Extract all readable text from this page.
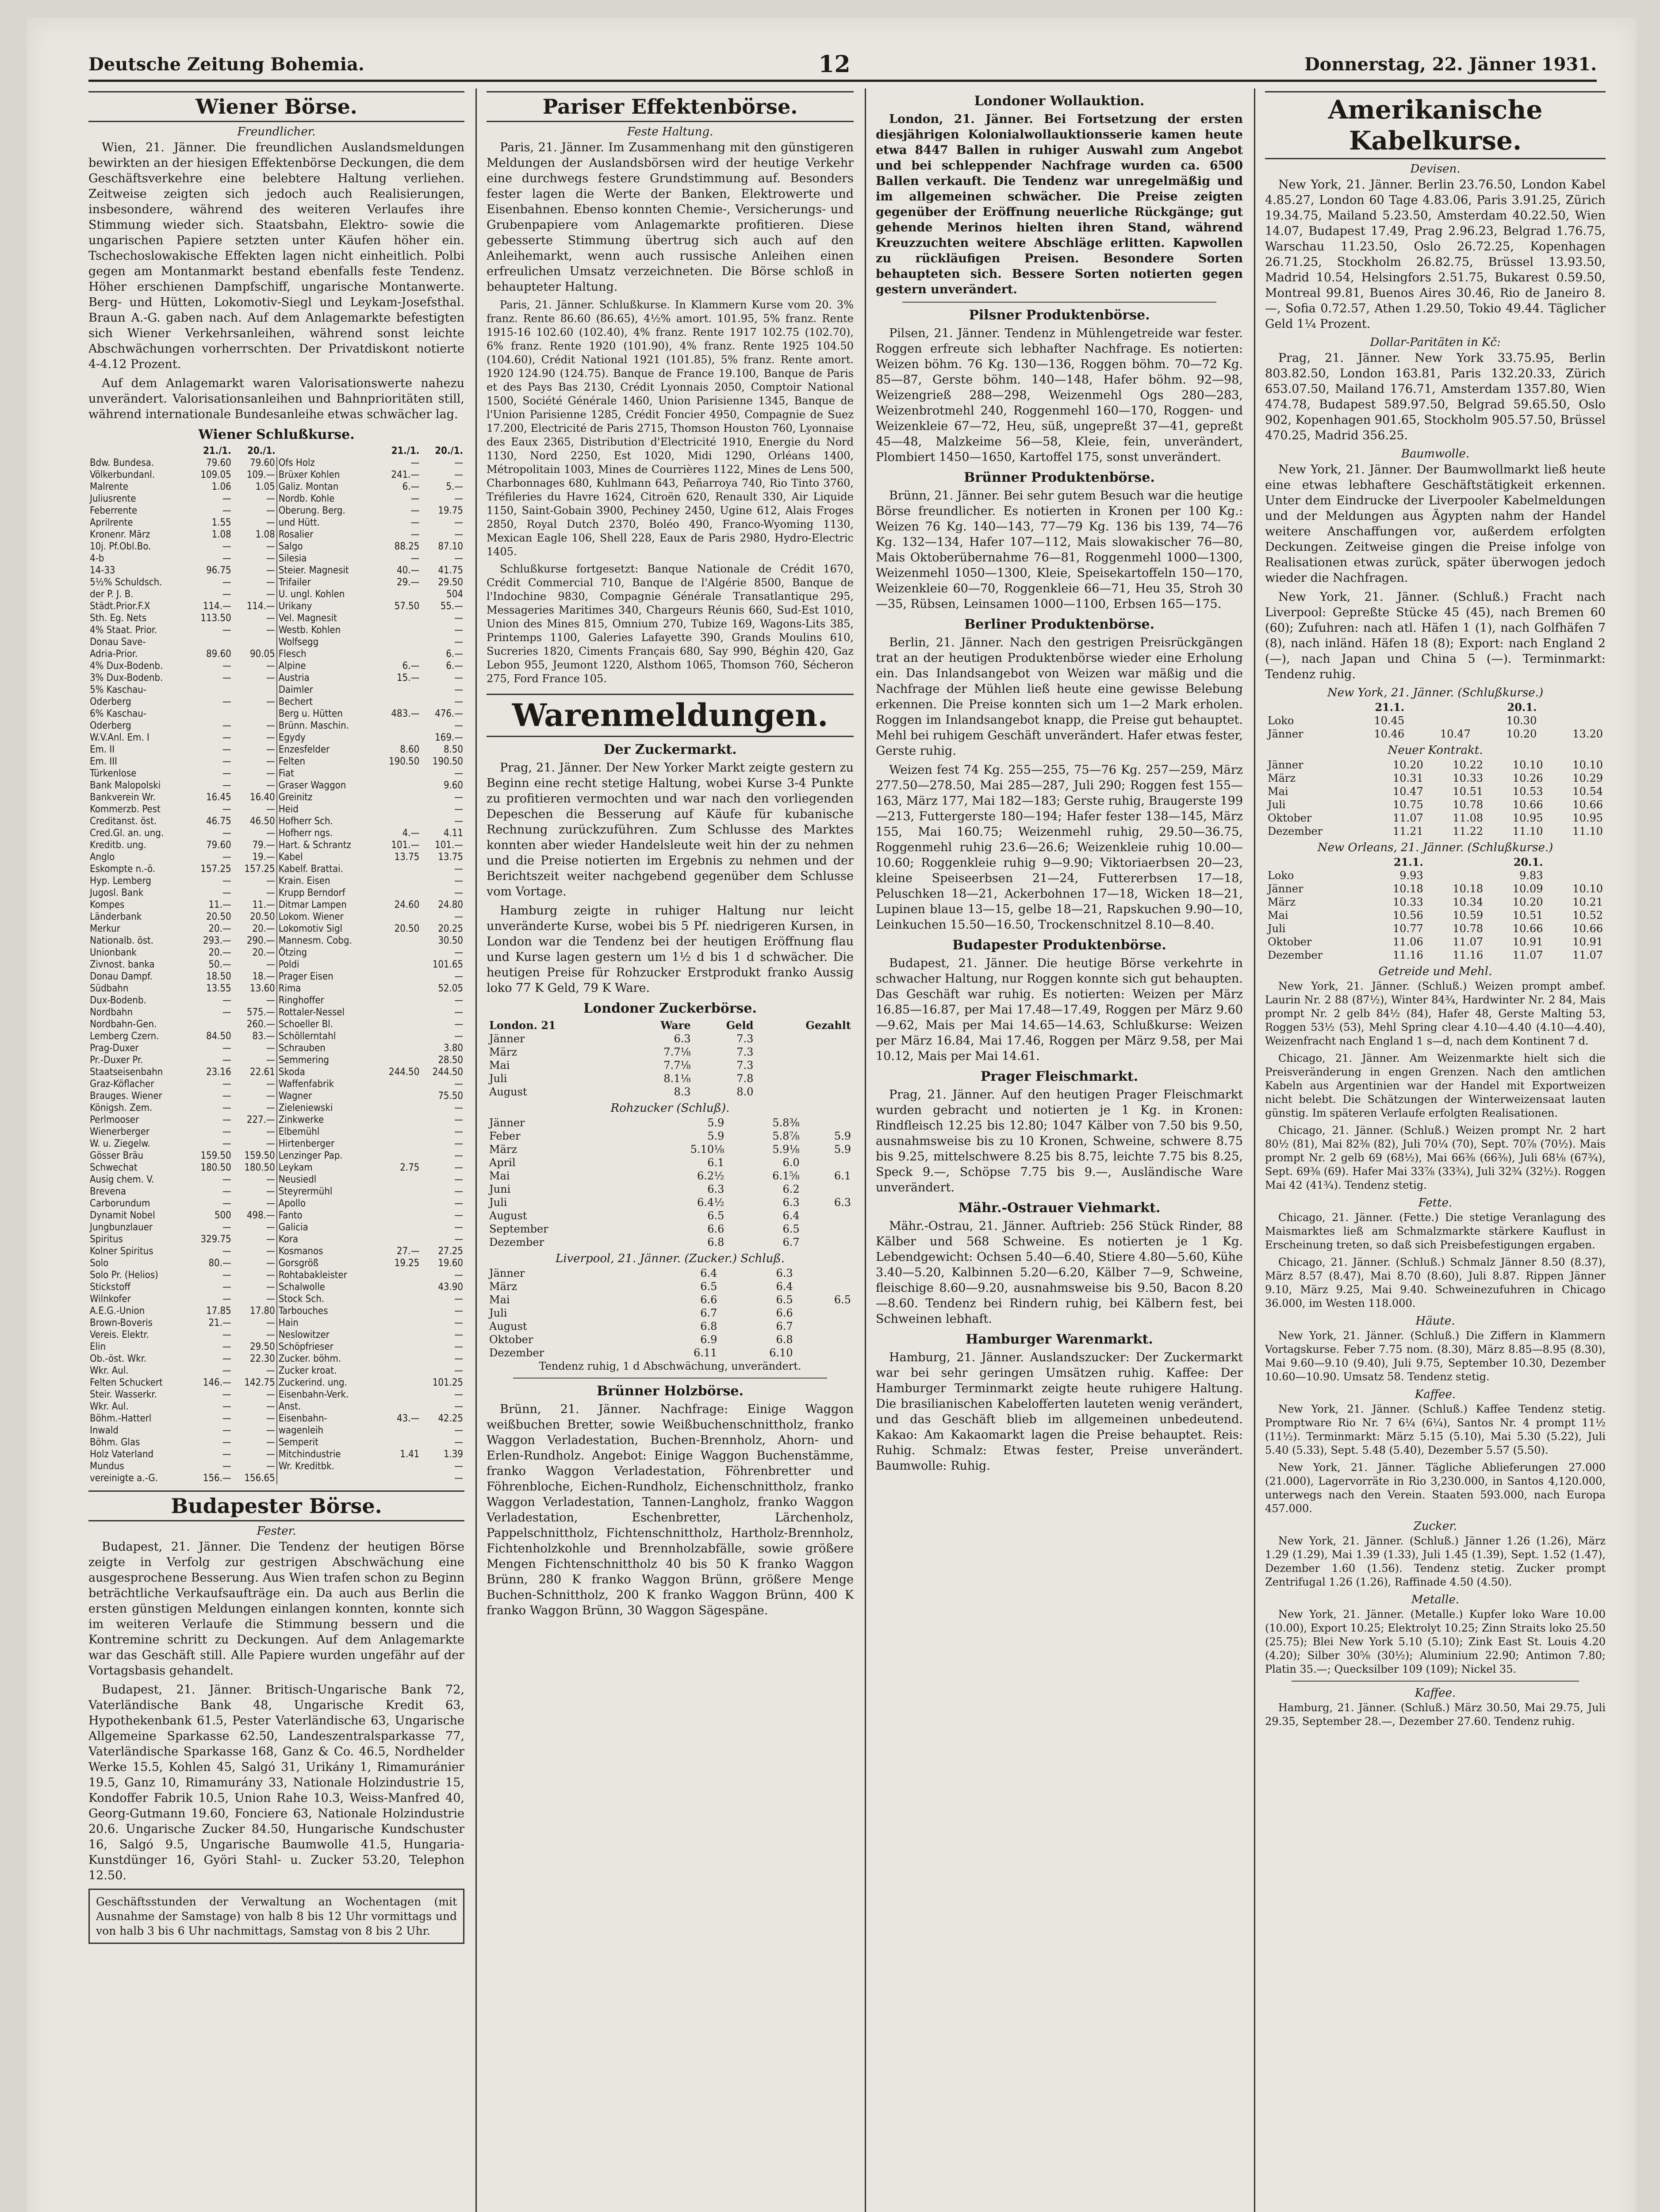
Deutsche Zeitung Bohemia.	12	Donnerstag, 22. Jänner 1931.
Wiener Börse.
Freundlicher.

Wien, 21. Jänner. Die freundlichen Auslandsmeldungen bewirkten an der hiesigen Effektenbörse Deckungen, die dem Geschäftsverkehre eine belebtere Haltung verliehen. Zeitweise zeigten sich jedoch auch Realisierungen, insbesondere, während des weiteren Verlaufes ihre Stimmung wieder sich. Staatsbahn, Elektro- sowie die ungarischen Papiere setzten unter Käufen höher ein. Tschechoslowakische Effekten lagen nicht einheitlich. Polbi gegen am Montanmarkt bestand ebenfalls feste Tendenz. Höher erschienen Dampfschiff, ungarische Montanwerte. Berg- und Hütten, Lokomotiv-Siegl und Leykam-Josefsthal. Braun A.-G. gaben nach. Auf dem Anlagemarkte befestigten sich Wiener Verkehrsanleihen, während sonst leichte Abschwächungen vorherrschten. Der Privatdiskont notierte 4-4.12 Prozent.

Auf dem Anlagemarkt waren Valorisationswerte nahezu unverändert. Valorisationsanleihen und Bahnprioritäten still, während internationale Bundesanleihe etwas schwächer lag.

Wiener Schlußkurse.
	21./1.	20./1.		21./1.	20./1.
Bdw. Bundesa.	79.60	79.60	Ofs Holz	—	—
Völkerbundanl.	109.05	109.—	Brüxer Kohlen	241.—	—
Malrente	1.06	1.05	Galiz. Montan	6.—	5.—
Juliusrente	—	—	Nordb. Kohle	—	—
Feberrente	—	—	Oberung. Berg.	—	19.75
Aprilrente	1.55	—	und Hütt.	—	—
Kronenr. März	1.08	1.08	Rosalier	—	—
10j. Pf.Obl.Bo.	—	—	Salgo	88.25	87.10
4-b	—	—	Silesia	—	—
14-33	96.75	—	Steier. Magnesit	40.—	41.75
5½% Schuldsch.	—	—	Trifailer	29.—	29.50
der P. J. B.	—	—	U. ungl. Kohlen		504
Städt.Prior.F.X	114.—	114.—	Urikany	57.50	55.—
Sth. Eg. Nets	113.50	—	Vel. Magnesit		—
4% Staat. Prior.	—	—	Westb. Kohlen		—
Donau Save-			Wolfsegg		—
Adria-Prior.	89.60	90.05	Flesch		6.—
4% Dux-Bodenb.	—	—	Alpine	6.—	6.—
3% Dux-Bodenb.	—	—	Austria	15.—	—
5% Kaschau-			Daimler		—
Oderberg	—	—	Bechert		—
6% Kaschau-			Berg u. Hütten	483.—	476.—
Oderberg	—	—	Brünn. Maschin.		—
W.V.Anl. Em. I	—	—	Egydy		169.—
Em. II	—	—	Enzesfelder	8.60	8.50
Em. III	—	—	Felten	190.50	190.50
Türkenlose	—	—	Fiat		—
Bank Malopolski	—	—	Graser Waggon		9.60
Bankverein Wr.	16.45	16.40	Greinitz		—
Kommerzb. Pest	—	—	Heid		—
Creditanst. öst.	46.75	46.50	Hofherr Sch.		—
Cred.Gl. an. ung.	—	—	Hofherr ngs.	4.—	4.11
Kreditb. ung.	79.60	79.—	Hart. & Schrantz	101.—	101.—
Anglo	—	19.—	Kabel	13.75	13.75
Eskompte n.-ö.	157.25	157.25	Kabelf. Brattai.		—
Hyp. Lemberg	—	—	Krain. Eisen		—
Jugosl. Bank	—	—	Krupp Berndorf		—
Kompes	11.—	11.—	Ditmar Lampen	24.60	24.80
Länderbank	20.50	20.50	Lokom. Wiener		—
Merkur	20.—	20.—	Lokomotiv Sigl	20.50	20.25
Nationalb. öst.	293.—	290.—	Mannesm. Cobg.		30.50
Unionbank	20.—	20.—	Ötzing		—
Zivnost. banka	50.—	—	Poldi		101.65
Donau Dampf.	18.50	18.—	Prager Eisen		—
Südbahn	13.55	13.60	Rima		52.05
Dux-Bodenb.	—	—	Ringhoffer		—
Nordbahn	—	575.—	Rottaler-Nessel		—
Nordbahn-Gen.		260.—	Schoeller Bl.		—
Lemberg Czern.	84.50	83.—	Schöllerntahl		—
Prag-Duxer	—	—	Schrauben		3.80
Pr.-Duxer Pr.	—	—	Semmering		28.50
Staatseisenbahn	23.16	22.61	Skoda	244.50	244.50
Graz-Köflacher	—	—	Waffenfabrik		—
Brauges. Wiener	—	—	Wagner		75.50
Königsh. Zem.	—	—	Zieleniewski		—
Perlmooser	—	227.—	Zinkwerke		—
Wienerberger	—	—	Elbemühl		—
W. u. Ziegelw.	—	—	Hirtenberger		—
Gösser Bräu	159.50	159.50	Lenzinger Pap.		—
Schwechat	180.50	180.50	Leykam	2.75	—
Ausig chem. V.	—	—	Neusiedl		—
Brevena	—	—	Steyrermühl		—
Carborundum	—	—	Apollo		—
Dynamit Nobel	500	498.—	Fanto		—
Jungbunzlauer	—	—	Galicia		—
Spiritus	329.75	—	Kora		—
Kolner Spiritus	—	—	Kosmanos	27.—	27.25
Solo	80.—	—	Gorsgröß	19.25	19.60
Solo Pr. (Helios)	—	—	Rohtabakleister		—
Stickstoff	—	—	Schalwolle		43.90
Wilnkofer	—	—	Stock Sch.		—
A.E.G.-Union	17.85	17.80	Tarbouches		—
Brown-Boveris	21.—	—	Hain		—
Vereis. Elektr.	—	—	Neslowitzer		—
Elin	—	29.50	Schöpfrieser		—
Ob.-öst. Wkr.	—	22.30	Zucker. böhm.		—
Wkr. Aul.	—	—	Zucker kroat.		—
Felten Schuckert	146.—	142.75	Zuckerind. ung.		101.25
Steir. Wasserkr.	—	—	Eisenbahn-Verk.		—
Wkr. Aul.	—	—	Anst.		—
Böhm.-Hatterl	—	—	Eisenbahn-	43.—	42.25
Inwald	—	—	wagenleih		—
Böhm. Glas	—	—	Semperit		—
Holz Vaterland	—	—	Mitchindustrie	1.41	1.39
Mundus	—	—	Wr. Kreditbk.		—
vereinigte a.-G.	156.—	156.65			—
Budapester Börse.
Fester.

Budapest, 21. Jänner. Die Tendenz der heutigen Börse zeigte in Verfolg zur gestrigen Abschwächung eine ausgesprochene Besserung. Aus Wien trafen schon zu Beginn beträchtliche Verkaufsaufträge ein. Da auch aus Berlin die ersten günstigen Meldungen einlangen konnten, konnte sich im weiteren Verlaufe die Stimmung bessern und die Kontremine schritt zu Deckungen. Auf dem Anlagemarkte war das Geschäft still. Alle Papiere wurden ungefähr auf der Vortagsbasis gehandelt.

Budapest, 21. Jänner. Britisch-Ungarische Bank 72, Vaterländische Bank 48, Ungarische Kredit 63, Hypothekenbank 61.5, Pester Vaterländische 63, Ungarische Allgemeine Sparkasse 62.50, Landeszentralsparkasse 77, Vaterländische Sparkasse 168, Ganz & Co. 46.5, Nordhelder Werke 15.5, Kohlen 45, Salgó 31, Urikány 1, Rimamuránier 19.5, Ganz 10, Rimamurány 33, Nationale Holzindustrie 15, Kondoffer Fabrik 10.5, Union Rahe 10.3, Weiss-Manfred 40, Georg-Gutmann 19.60, Fonciere 63, Nationale Holzindustrie 20.6. Ungarische Zucker 84.50, Hungarische Kundschuster 16, Salgó 9.5, Ungarische Baumwolle 41.5, Hungaria-Kunstdünger 16, Györi Stahl- u. Zucker 53.20, Telephon 12.50.

Geschäftsstunden der Verwaltung an Wochentagen (mit Ausnahme der Samstage) von halb 8 bis 12 Uhr vormittags und von halb 3 bis 6 Uhr nachmittags, Samstag von 8 bis 2 Uhr.
Pariser Effektenbörse.
Feste Haltung.

Paris, 21. Jänner. Im Zusammenhang mit den günstigeren Meldungen der Auslandsbörsen wird der heutige Verkehr eine durchwegs festere Grundstimmung auf. Besonders fester lagen die Werte der Banken, Elektrowerte und Eisenbahnen. Ebenso konnten Chemie-, Versicherungs- und Grubenpapiere vom Anlagemarkte profitieren. Diese gebesserte Stimmung übertrug sich auch auf den Anleihemarkt, wenn auch russische Anleihen einen erfreulichen Umsatz verzeichneten. Die Börse schloß in behaupteter Haltung.

Paris, 21. Jänner. Schlußkurse. In Klammern Kurse vom 20. 3% franz. Rente 86.60 (86.65), 4½% amort. 101.95, 5% franz. Rente 1915-16 102.60 (102.40), 4% franz. Rente 1917 102.75 (102.70), 6% franz. Rente 1920 (101.90), 4% franz. Rente 1925 104.50 (104.60), Crédit National 1921 (101.85), 5% franz. Rente amort. 1920 124.90 (124.75). Banque de France 19.100, Banque de Paris et des Pays Bas 2130, Crédit Lyonnais 2050, Comptoir National 1500, Société Générale 1460, Union Parisienne 1345, Banque de l'Union Parisienne 1285, Crédit Foncier 4950, Compagnie de Suez 17.200, Electricité de Paris 2715, Thomson Houston 760, Lyonnaise des Eaux 2365, Distribution d'Electricité 1910, Energie du Nord 1130, Nord 2250, Est 1020, Midi 1290, Orléans 1400, Métropolitain 1003, Mines de Courrières 1122, Mines de Lens 500, Charbonnages 680, Kuhlmann 643, Peñarroya 740, Rio Tinto 3760, Tréfileries du Havre 1624, Citroën 620, Renault 330, Air Liquide 1150, Saint-Gobain 3900, Pechiney 2450, Ugine 612, Alais Froges 2850, Royal Dutch 2370, Boléo 490, Franco-Wyoming 1130, Mexican Eagle 106, Shell 228, Eaux de Paris 2980, Hydro-Electric 1405.

Schlußkurse fortgesetzt: Banque Nationale de Crédit 1670, Crédit Commercial 710, Banque de l'Algérie 8500, Banque de l'Indochine 9830, Compagnie Générale Transatlantique 295, Messageries Maritimes 340, Chargeurs Réunis 660, Sud-Est 1010, Union des Mines 815, Omnium 270, Tubize 169, Wagons-Lits 385, Printemps 1100, Galeries Lafayette 390, Grands Moulins 610, Sucreries 1820, Ciments Français 680, Say 990, Béghin 420, Gaz Lebon 955, Jeumont 1220, Alsthom 1065, Thomson 760, Sécheron 275, Ford France 105.

Warenmeldungen.
Der Zuckermarkt.

Prag, 21. Jänner. Der New Yorker Markt zeigte gestern zu Beginn eine recht stetige Haltung, wobei Kurse 3-4 Punkte zu profitieren vermochten und war nach den vorliegenden Depeschen die Besserung auf Käufe für kubanische Rechnung zurückzuführen. Zum Schlusse des Marktes konnten aber wieder Handelsleute weit hin der zu nehmen und die Preise notierten im Ergebnis zu nehmen und der Berichtszeit weiter nachgebend gegenüber dem Schlusse vom Vortage.

Hamburg zeigte in ruhiger Haltung nur leicht unveränderte Kurse, wobei bis 5 Pf. niedrigeren Kursen, in London war die Tendenz bei der heutigen Eröffnung flau und Kurse lagen gestern um 1½ d bis 1 d schwächer. Die heutigen Preise für Rohzucker Erstprodukt franko Aussig loko 77 K Geld, 79 K Ware.

Londoner Zuckerbörse.
London. 21	Ware	Geld	Gezahlt
Jänner	6.3	7.3	
März	7.7⅛	7.3	
Mai	7.7⅛	7.3	
Juli	8.1⅛	7.8	
August	8.3	8.0	
Rohzucker (Schluß).
Jänner	5.9	5.8⅜	
Feber	5.9	5.8⅞	5.9
März	5.10⅛	5.9⅛	5.9
April	6.1	6.0	
Mai	6.2½	6.1⅝	6.1
Juni	6.3	6.2	
Juli	6.4½	6.3	6.3
August	6.5	6.4	
September	6.6	6.5	
Dezember	6.8	6.7	
Liverpool, 21. Jänner. (Zucker.) Schluß.
Jänner	6.4	6.3	
März	6.5	6.4	
Mai	6.6	6.5	6.5
Juli	6.7	6.6	
August	6.8	6.7	
Oktober	6.9	6.8	
Dezember	6.11	6.10	

Tendenz ruhig, 1 d Abschwächung, unverändert.

Brünner Holzbörse.

Brünn, 21. Jänner. Nachfrage: Einige Waggon weißbuchen Bretter, sowie Weißbuchenschnittholz, franko Waggon Verladestation, Buchen-Brennholz, Ahorn- und Erlen-Rundholz. Angebot: Einige Waggon Buchenstämme, franko Waggon Verladestation, Föhrenbretter und Föhrenbloche, Eichen-Rundholz, Eichenschnittholz, franko Waggon Verladestation, Tannen-Langholz, franko Waggon Verladestation, Eschenbretter, Lärchenholz, Pappelschnittholz, Fichtenschnittholz, Hartholz-Brennholz, Fichtenholzkohle und Brennholzabfälle, sowie größere Mengen Fichtenschnittholz 40 bis 50 K franko Waggon Brünn, 280 K franko Waggon Brünn, größere Menge Buchen-Schnittholz, 200 K franko Waggon Brünn, 400 K franko Waggon Brünn, 30 Waggon Sägespäne.

Londoner Wollauktion.

London, 21. Jänner. Bei Fortsetzung der ersten diesjährigen Kolonialwollauktionsserie kamen heute etwa 8447 Ballen in ruhiger Auswahl zum Angebot und bei schleppender Nachfrage wurden ca. 6500 Ballen verkauft. Die Tendenz war unregelmäßig und im allgemeinen schwächer. Die Preise zeigten gegenüber der Eröffnung neuerliche Rückgänge; gut gehende Merinos hielten ihren Stand, während Kreuzzuchten weitere Abschläge erlitten. Kapwollen zu rückläufigen Preisen. Besondere Sorten behaupteten sich. Bessere Sorten notierten gegen gestern unverändert.

Pilsner Produktenbörse.

Pilsen, 21. Jänner. Tendenz in Mühlengetreide war fester. Roggen erfreute sich lebhafter Nachfrage. Es notierten: Weizen böhm. 76 Kg. 130—136, Roggen böhm. 70—72 Kg. 85—87, Gerste böhm. 140—148, Hafer böhm. 92—98, Weizengrieß 288—298, Weizenmehl Ogs 280—283, Weizenbrotmehl 240, Roggenmehl 160—170, Roggen- und Weizenkleie 67—72, Heu, süß, ungepreßt 37—41, gepreßt 45—48, Malzkeime 56—58, Kleie, fein, unverändert, Plombiert 1450—1650, Kartoffel 175, sonst unverändert.

Brünner Produktenbörse.

Brünn, 21. Jänner. Bei sehr gutem Besuch war die heutige Börse freundlicher. Es notierten in Kronen per 100 Kg.: Weizen 76 Kg. 140—143, 77—79 Kg. 136 bis 139, 74—76 Kg. 132—134, Hafer 107—112, Mais slowakischer 76—80, Mais Oktoberübernahme 76—81, Roggenmehl 1000—1300, Weizenmehl 1050—1300, Kleie, Speisekartoffeln 150—170, Weizenkleie 60—70, Roggenkleie 66—71, Heu 35, Stroh 30—35, Rübsen, Leinsamen 1000—1100, Erbsen 165—175.

Berliner Produktenbörse.

Berlin, 21. Jänner. Nach den gestrigen Preisrückgängen trat an der heutigen Produktenbörse wieder eine Erholung ein. Das Inlandsangebot von Weizen war mäßig und die Nachfrage der Mühlen ließ heute eine gewisse Belebung erkennen. Die Preise konnten sich um 1—2 Mark erholen. Roggen im Inlandsangebot knapp, die Preise gut behauptet. Mehl bei ruhigem Geschäft unverändert. Hafer etwas fester, Gerste ruhig.

Weizen fest 74 Kg. 255—255, 75—76 Kg. 257—259, März 277.50—278.50, Mai 285—287, Juli 290; Roggen fest 155—163, März 177, Mai 182—183; Gerste ruhig, Braugerste 199—213, Futtergerste 180—194; Hafer fester 138—145, März 155, Mai 160.75; Weizenmehl ruhig, 29.50—36.75, Roggenmehl ruhig 23.6—26.6; Weizenkleie ruhig 10.00—10.60; Roggenkleie ruhig 9—9.90; Viktoriaerbsen 20—23, kleine Speiseerbsen 21—24, Futtererbsen 17—18, Peluschken 18—21, Ackerbohnen 17—18, Wicken 18—21, Lupinen blaue 13—15, gelbe 18—21, Rapskuchen 9.90—10, Leinkuchen 15.50—16.50, Trockenschnitzel 8.10—8.40.

Budapester Produktenbörse.

Budapest, 21. Jänner. Die heutige Börse verkehrte in schwacher Haltung, nur Roggen konnte sich gut behaupten. Das Geschäft war ruhig. Es notierten: Weizen per März 16.85—16.87, per Mai 17.48—17.49, Roggen per März 9.60—9.62, Mais per Mai 14.65—14.63, Schlußkurse: Weizen per März 16.84, Mai 17.46, Roggen per März 9.58, per Mai 10.12, Mais per Mai 14.61.

Prager Fleischmarkt.

Prag, 21. Jänner. Auf den heutigen Prager Fleischmarkt wurden gebracht und notierten je 1 Kg. in Kronen: Rindfleisch 12.25 bis 12.80; 1047 Kälber von 7.50 bis 9.50, ausnahmsweise bis zu 10 Kronen, Schweine, schwere 8.75 bis 9.25, mittelschwere 8.25 bis 8.75, leichte 7.75 bis 8.25, Speck 9.—, Schöpse 7.75 bis 9.—, Ausländische Ware unverändert.

Mähr.-Ostrauer Viehmarkt.

Mähr.-Ostrau, 21. Jänner. Auftrieb: 256 Stück Rinder, 88 Kälber und 568 Schweine. Es notierten je 1 Kg. Lebendgewicht: Ochsen 5.40—6.40, Stiere 4.80—5.60, Kühe 3.40—5.20, Kalbinnen 5.20—6.20, Kälber 7—9, Schweine, fleischige 8.60—9.20, ausnahmsweise bis 9.50, Bacon 8.20—8.60. Tendenz bei Rindern ruhig, bei Kälbern fest, bei Schweinen lebhaft.

Hamburger Warenmarkt.

Hamburg, 21. Jänner. Auslandszucker: Der Zuckermarkt war bei sehr geringen Umsätzen ruhig. Kaffee: Der Hamburger Terminmarkt zeigte heute ruhigere Haltung. Die brasilianischen Kabelofferten lauteten wenig verändert, und das Geschäft blieb im allgemeinen unbedeutend. Kakao: Am Kakaomarkt lagen die Preise behauptet. Reis: Ruhig. Schmalz: Etwas fester, Preise unverändert. Baumwolle: Ruhig.

Amerikanische Kabelkurse.
Devisen.

New York, 21. Jänner. Berlin 23.76.50, London Kabel 4.85.27, London 60 Tage 4.83.06, Paris 3.91.25, Zürich 19.34.75, Mailand 5.23.50, Amsterdam 40.22.50, Wien 14.07, Budapest 17.49, Prag 2.96.23, Belgrad 1.76.75, Warschau 11.23.50, Oslo 26.72.25, Kopenhagen 26.71.25, Stockholm 26.82.75, Brüssel 13.93.50, Madrid 10.54, Helsingfors 2.51.75, Bukarest 0.59.50, Montreal 99.81, Buenos Aires 30.46, Rio de Janeiro 8.—, Sofia 0.72.57, Athen 1.29.50, Tokio 49.44. Täglicher Geld 1¼ Prozent.

Dollar-Paritäten in Kč:

Prag, 21. Jänner. New York 33.75.95, Berlin 803.82.50, London 163.81, Paris 132.20.33, Zürich 653.07.50, Mailand 176.71, Amsterdam 1357.80, Wien 474.78, Budapest 589.97.50, Belgrad 59.65.50, Oslo 902, Kopenhagen 901.65, Stockholm 905.57.50, Brüssel 470.25, Madrid 356.25.

Baumwolle.

New York, 21. Jänner. Der Baumwollmarkt ließ heute eine etwas lebhaftere Geschäftstätigkeit erkennen. Unter dem Eindrucke der Liverpooler Kabelmeldungen und der Meldungen aus Ägypten nahm der Handel weitere Anschaffungen vor, außerdem erfolgten Deckungen. Zeitweise gingen die Preise infolge von Realisationen etwas zurück, später überwogen jedoch wieder die Nachfragen.

New York, 21. Jänner. (Schluß.) Fracht nach Liverpool: Gepreßte Stücke 45 (45), nach Bremen 60 (60); Zufuhren: nach atl. Häfen 1 (1), nach Golfhäfen 7 (8), nach inländ. Häfen 18 (8); Export: nach England 2 (—), nach Japan und China 5 (—). Terminmarkt: Tendenz ruhig.

New York, 21. Jänner. (Schlußkurse.)
	21.1.		20.1.	
Loko	10.45		10.30	
Jänner	10.46	10.47	10.20	13.20
Neuer Kontrakt.
Jänner	10.20	10.22	10.10	10.10
März	10.31	10.33	10.26	10.29
Mai	10.47	10.51	10.53	10.54
Juli	10.75	10.78	10.66	10.66
Oktober	11.07	11.08	10.95	10.95
Dezember	11.21	11.22	11.10	11.10
New Orleans, 21. Jänner. (Schlußkurse.)
	21.1.		20.1.	
Loko	9.93		9.83	
Jänner	10.18	10.18	10.09	10.10
März	10.33	10.34	10.20	10.21
Mai	10.56	10.59	10.51	10.52
Juli	10.77	10.78	10.66	10.66
Oktober	11.06	11.07	10.91	10.91
Dezember	11.16	11.16	11.07	11.07
Getreide und Mehl.

New York, 21. Jänner. (Schluß.) Weizen prompt ambef. Laurin Nr. 2 88 (87½), Winter 84¾, Hardwinter Nr. 2 84, Mais prompt Nr. 2 gelb 84½ (84), Hafer 48, Gerste Malting 53, Roggen 53½ (53), Mehl Spring clear 4.10—4.40 (4.10—4.40), Weizenfracht nach England 1 s—d, nach dem Kontinent 7 d.

Chicago, 21. Jänner. Am Weizenmarkte hielt sich die Preisveränderung in engen Grenzen. Nach den amtlichen Kabeln aus Argentinien war der Handel mit Exportweizen nicht belebt. Die Schätzungen der Winterweizensaat lauten günstig. Im späteren Verlaufe erfolgten Realisationen.

Chicago, 21. Jänner. (Schluß.) Weizen prompt Nr. 2 hart 80½ (81), Mai 82⅜ (82), Juli 70¼ (70), Sept. 70⅞ (70½). Mais prompt Nr. 2 gelb 69 (68½), Mai 66⅜ (66⅜), Juli 68⅛ (67¾), Sept. 69⅜ (69). Hafer Mai 33⅞ (33¾), Juli 32¾ (32½). Roggen Mai 42 (41¾). Tendenz stetig.

Fette.

Chicago, 21. Jänner. (Fette.) Die stetige Veranlagung des Maismarktes ließ am Schmalzmarkte stärkere Kauflust in Erscheinung treten, so daß sich Preisbefestigungen ergaben.

Chicago, 21. Jänner. (Schluß.) Schmalz Jänner 8.50 (8.37), März 8.57 (8.47), Mai 8.70 (8.60), Juli 8.87. Rippen Jänner 9.10, März 9.25, Mai 9.40. Schweinezufuhren in Chicago 36.000, im Westen 118.000.

Häute.

New York, 21. Jänner. (Schluß.) Die Ziffern in Klammern Vortagskurse. Feber 7.75 nom. (8.30), März 8.85—8.95 (8.30), Mai 9.60—9.10 (9.40), Juli 9.75, September 10.30, Dezember 10.60—10.90. Umsatz 58. Tendenz stetig.

Kaffee.

New York, 21. Jänner. (Schluß.) Kaffee Tendenz stetig. Promptware Rio Nr. 7 6¼ (6¼), Santos Nr. 4 prompt 11½ (11½). Terminmarkt: März 5.15 (5.10), Mai 5.30 (5.22), Juli 5.40 (5.33), Sept. 5.48 (5.40), Dezember 5.57 (5.50).

New York, 21. Jänner. Tägliche Ablieferungen 27.000 (21.000), Lagervorräte in Rio 3,230.000, in Santos 4,120.000, unterwegs nach den Verein. Staaten 593.000, nach Europa 457.000.

Zucker.

New York, 21. Jänner. (Schluß.) Jänner 1.26 (1.26), März 1.29 (1.29), Mai 1.39 (1.33), Juli 1.45 (1.39), Sept. 1.52 (1.47), Dezember 1.60 (1.56). Tendenz stetig. Zucker prompt Zentrifugal 1.26 (1.26), Raffinade 4.50 (4.50).

Metalle.

New York, 21. Jänner. (Metalle.) Kupfer loko Ware 10.00 (10.00), Export 10.25; Elektrolyt 10.25; Zinn Straits loko 25.50 (25.75); Blei New York 5.10 (5.10); Zink East St. Louis 4.20 (4.20); Silber 30⅝ (30½); Aluminium 22.90; Antimon 7.80; Platin 35.—; Quecksilber 109 (109); Nickel 35.

Kaffee.

Hamburg, 21. Jänner. (Schluß.) März 30.50, Mai 29.75, Juli 29.35, September 28.—, Dezember 27.60. Tendenz ruhig.
